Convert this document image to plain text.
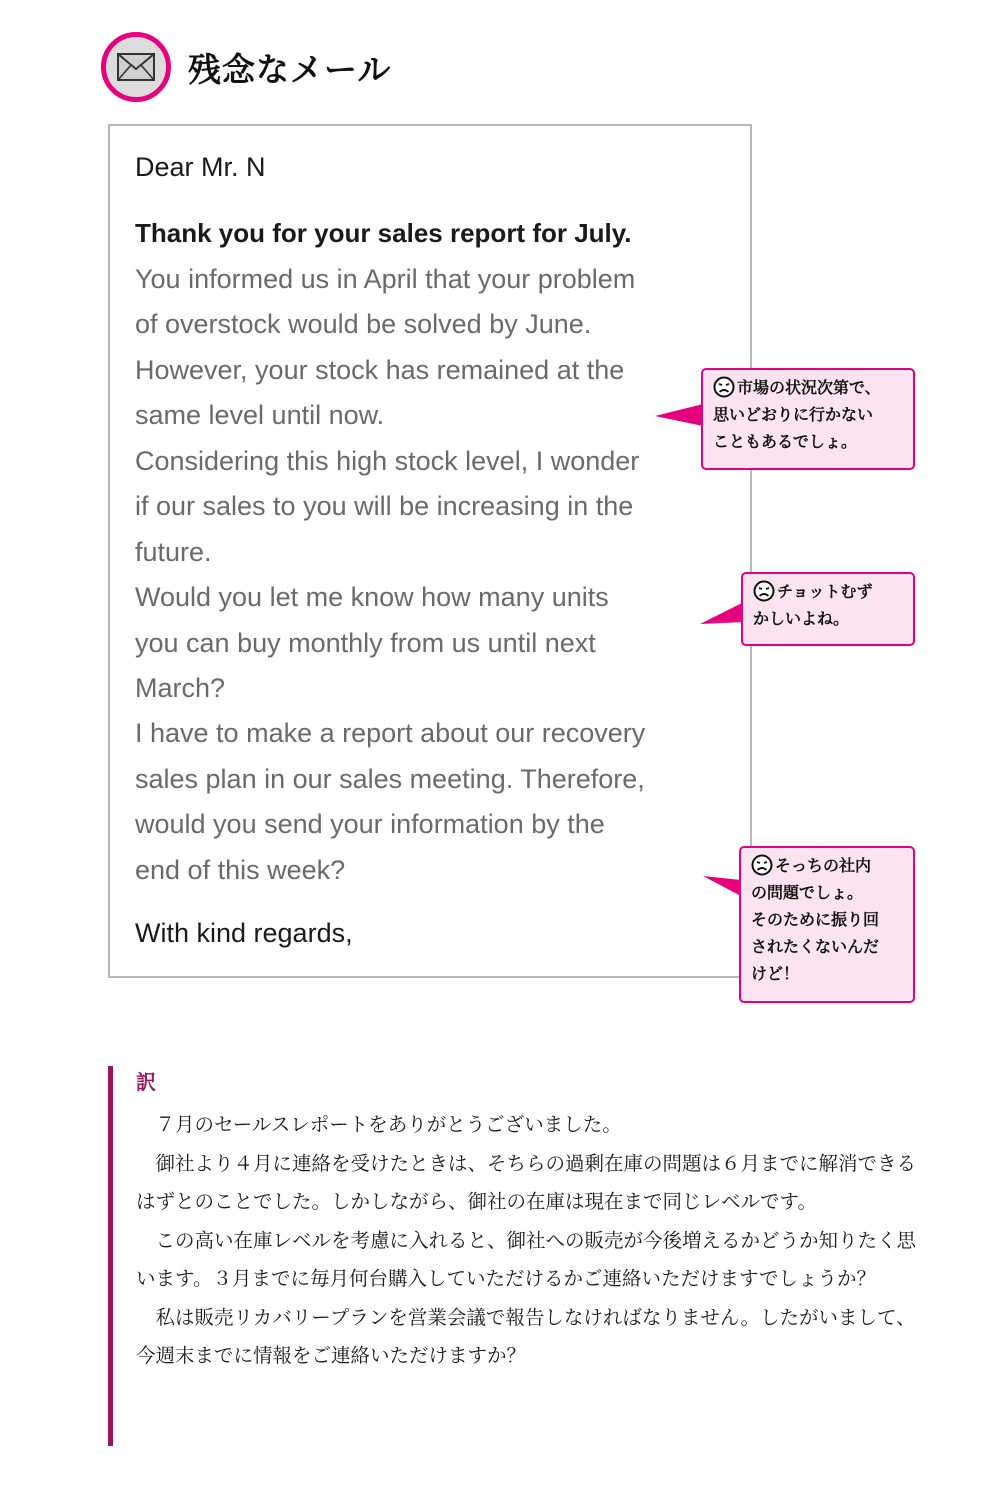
残念なメール
Dear Mr. N
Thank you for your sales report for July.
You informed us in April that your problem
of overstock would be solved by June.
However, your stock has remained at the
same level until now.
Considering this high stock level, I wonder
if our sales to you will be increasing in the
future.
Would you let me know how many units
you can buy monthly from us until next
March?
I have to make a report about our recovery
sales plan in our sales meeting. Therefore,
would you send your information by the
end of this week?
With kind regards,
市場の状況次第で、
思いどおりに行かない
こともあるでしょ。
チョットむず
かしいよね。
そっちの社内
の問題でしょ。
そのために振り回
されたくないんだ
けど！
訳

７月のセールスレポートをありがとうございました。

御社より４月に連絡を受けたときは、そちらの過剰在庫の問題は６月までに解消できるはずとのことでした。しかしながら、御社の在庫は現在まで同じレベルです。

この高い在庫レベルを考慮に入れると、御社への販売が今後増えるかどうか知りたく思います。３月までに毎月何台購入していただけるかご連絡いただけますでしょうか？

私は販売リカバリープランを営業会議で報告しなければなりません。したがいまして、今週末までに情報をご連絡いただけますか？
